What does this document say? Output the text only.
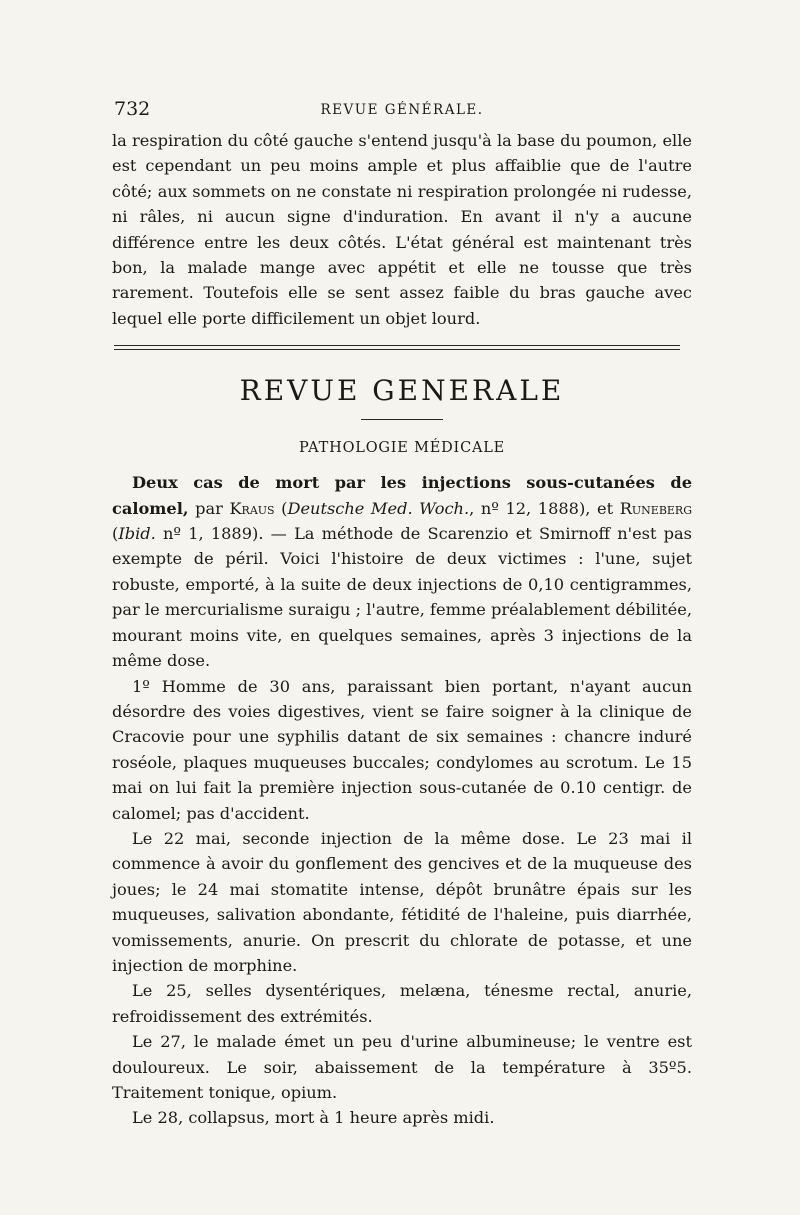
732	REVUE GÉNÉRALE.

la respiration du côté gauche s'entend jusqu'à la base du poumon, elle est cependant un peu moins ample et plus affaiblie que de l'autre côté; aux sommets on ne constate ni respiration prolongée ni rudesse, ni râles, ni aucun signe d'induration. En avant il n'y a aucune différence entre les deux côtés. L'état général est maintenant très bon, la malade mange avec appétit et elle ne tousse que très rarement. Toutefois elle se sent assez faible du bras gauche avec lequel elle porte difficilement un objet lourd.

REVUE GENERALE
PATHOLOGIE MÉDICALE

Deux cas de mort par les injections sous-cutanées de calomel, par Kraus (Deutsche Med. Woch., nº 12, 1888), et Runeberg (Ibid. nº 1, 1889). — La méthode de Scarenzio et Smirnoff n'est pas exempte de péril. Voici l'histoire de deux victimes : l'une, sujet robuste, emporté, à la suite de deux injections de 0,10 centigrammes, par le mercurialisme suraigu ; l'autre, femme préalablement débilitée, mourant moins vite, en quelques semaines, après 3 injections de la même dose.

1º Homme de 30 ans, paraissant bien portant, n'ayant aucun désordre des voies digestives, vient se faire soigner à la clinique de Cracovie pour une syphilis datant de six semaines : chancre induré roséole, plaques muqueuses buccales; condylomes au scrotum. Le 15 mai on lui fait la première injection sous-cutanée de 0.10 centigr. de calomel; pas d'accident.

Le 22 mai, seconde injection de la même dose. Le 23 mai il commence à avoir du gonflement des gencives et de la muqueuse des joues; le 24 mai stomatite intense, dépôt brunâtre épais sur les muqueuses, salivation abondante, fétidité de l'haleine, puis diarrhée, vomissements, anurie. On prescrit du chlorate de potasse, et une injection de morphine.

Le 25, selles dysentériques, melæna, ténesme rectal, anurie, refroidissement des extrémités.

Le 27, le malade émet un peu d'urine albumineuse; le ventre est douloureux. Le soir, abaissement de la température à 35º5. Traitement tonique, opium.

Le 28, collapsus, mort à 1 heure après midi.
